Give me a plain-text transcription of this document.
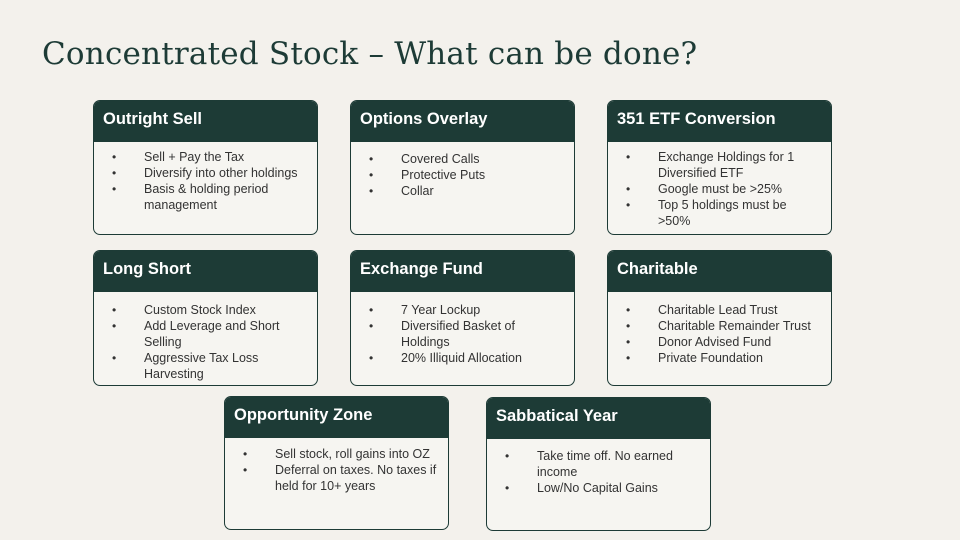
Concentrated Stock – What can be done?
Outright Sell
• Sell + Pay the Tax
• Diversify into other holdings
• Basis & holding period management
Options Overlay
• Covered Calls
• Protective Puts
• Collar
351 ETF Conversion
• Exchange Holdings for 1 Diversified ETF
• Google must be >25%
• Top 5 holdings must be >50%
Long Short
• Custom Stock Index
• Add Leverage and Short Selling
• Aggressive Tax Loss Harvesting
Exchange Fund
• 7 Year Lockup
• Diversified Basket of Holdings
• 20% Illiquid Allocation
Charitable
• Charitable Lead Trust
• Charitable Remainder Trust
• Donor Advised Fund
• Private Foundation
Opportunity Zone
• Sell stock, roll gains into OZ
• Deferral on taxes. No taxes if held for 10+ years
Sabbatical Year
• Take time off. No earned income
• Low/No Capital Gains
